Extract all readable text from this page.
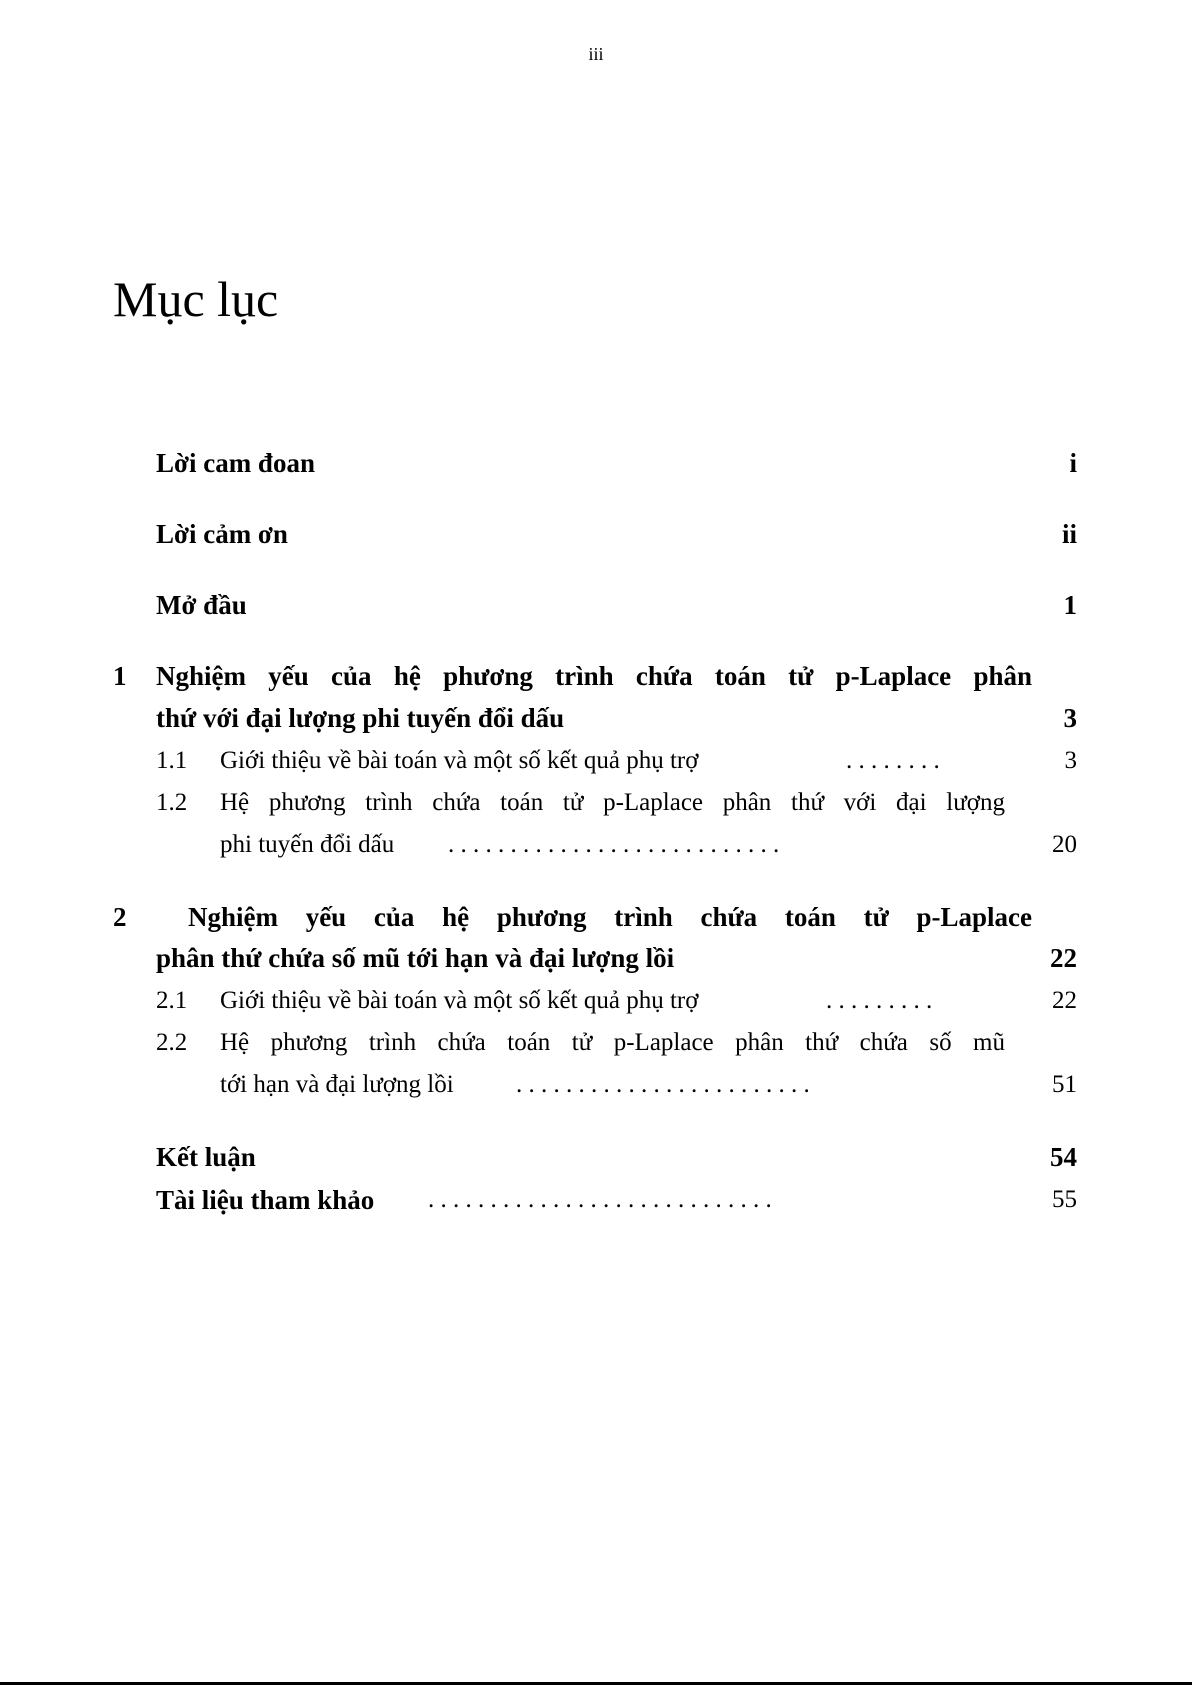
iii
Mục lục
Lời cam đoan	i
Lời cảm ơn	ii
Mở đầu	1
1 Nghiệm yếu của hệ phương trình chứa toán tử p-Laplace phân
thứ với đại lượng phi tuyến đổi dấu	3
1.1 Giới thiệu về bài toán và một số kết quả phụ trợ	. . . . . . . .	3
1.2 Hệ phương trình chứa toán tử p-Laplace phân thứ với đại lượng
phi tuyến đổi dấu . . . . . . . . . . . . . . . . . . . . . . . . . . .	20
2 Nghiệm yếu của hệ phương trình chứa toán tử p-Laplace
phân thứ chứa số mũ tới hạn và đại lượng lồi	22
2.1 Giới thiệu về bài toán và một số kết quả phụ trợ	. . . . . . . . .	22
2.2 Hệ phương trình chứa toán tử p-Laplace phân thứ chứa số mũ
tới hạn và đại lượng lồi . . . . . . . . . . . . . . . . . . . . . . . .	51
Kết luận	54
Tài liệu tham khảo . . . . . . . . . . . . . . . . . . . . . . . . . . . .	55
